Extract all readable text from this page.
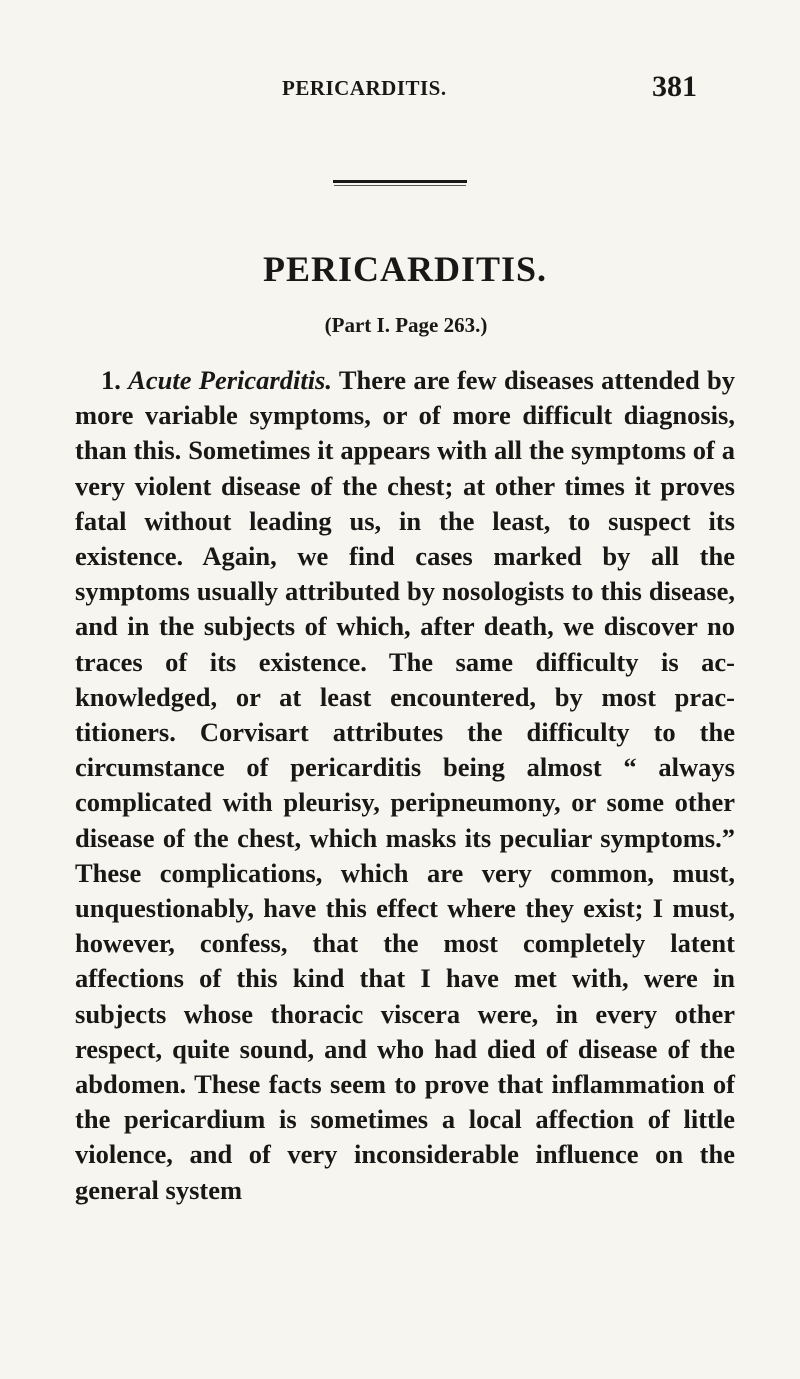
PERICARDITIS.	381
PERICARDITIS.
(Part I. Page 263.)
1. Acute Pericarditis. There are few diseases attended by more variable symptoms, or of more difficult diagnosis, than this. Sometimes it appears with all the symptoms of a very violent disease of the chest; at other times it proves fatal without leading us, in the least, to suspect its existence. Again, we find cases marked by all the symptoms usually attributed by nosologists to this disease, and in the subjects of which, after death, we discover no traces of its existence. The same difficulty is ac-knowledged, or at least encountered, by most prac-titioners. Corvisart attributes the difficulty to the circumstance of pericarditis being almost “ always complicated with pleurisy, peripneumony, or some other disease of the chest, which masks its peculiar symptoms.” These complications, which are very common, must, unquestionably, have this effect where they exist; I must, however, confess, that the most completely latent affections of this kind that I have met with, were in subjects whose thoracic viscera were, in every other respect, quite sound, and who had died of disease of the abdomen. These facts seem to prove that inflammation of the pericardium is sometimes a local affection of little violence, and of very inconsiderable influence on the general system
